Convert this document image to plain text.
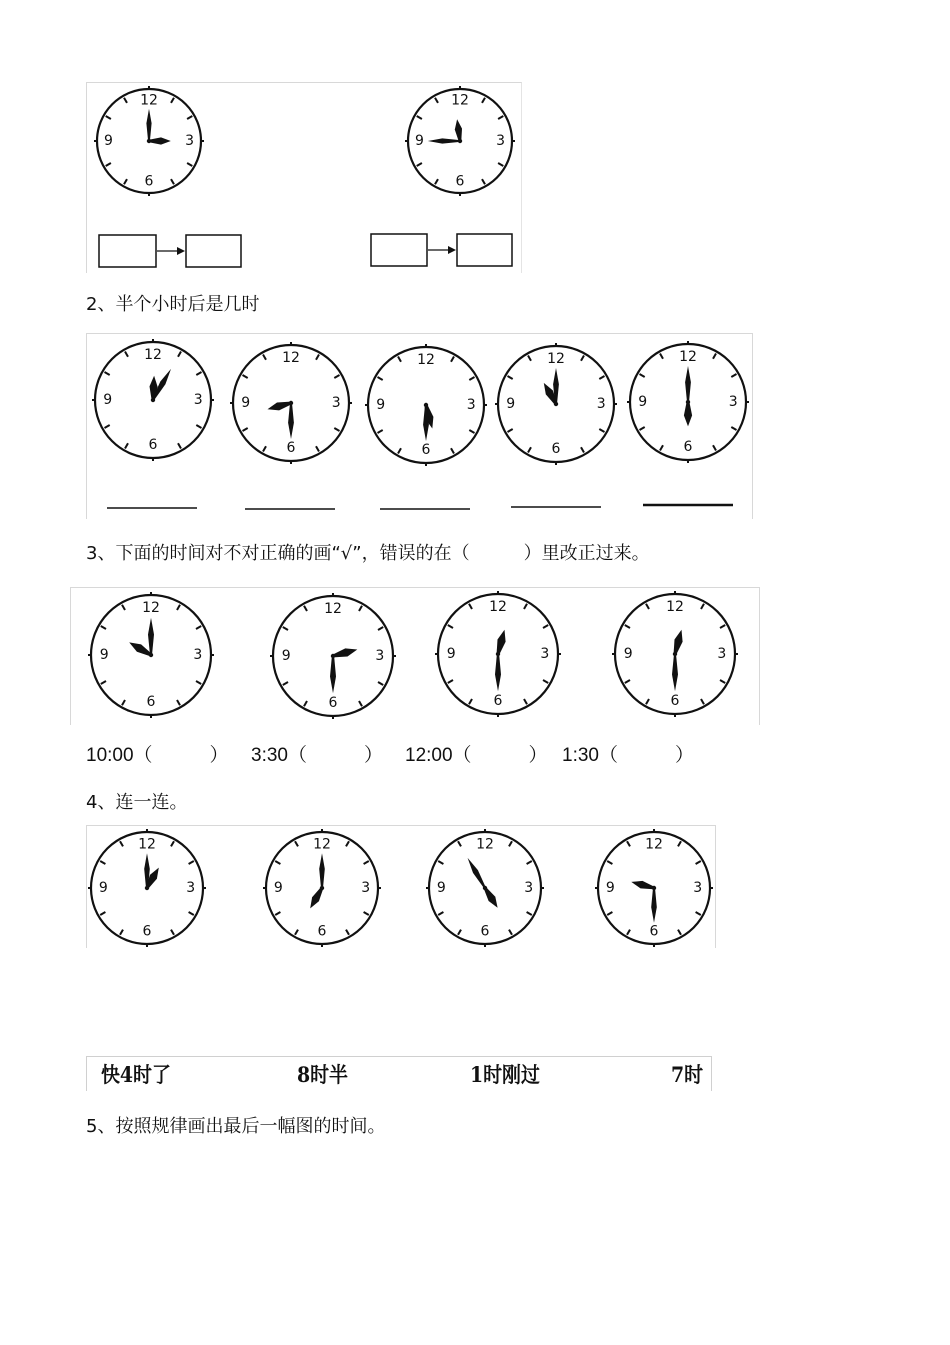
12
3
6
9
12
3
6
9
2、半个小时后是几时
12
3
6
9
12
3
6
9
12
3
6
9
12
3
6
9
12
3
6
9
3、下面的时间对不对正确的画“√”，错误的在（　　　）里改正过来。
12
3
6
9
12
3
6
9
12
3
6
9
12
3
6
9
10:00（　　　） 3:30（　　　） 12:00（　　　） 1:30（　　　）
4、连一连。
12
3
6
9
12
3
6
9
12
3
6
9
12
3
6
9
快4时了	8时半	1时刚过	7时
5、按照规律画出最后一幅图的时间。
